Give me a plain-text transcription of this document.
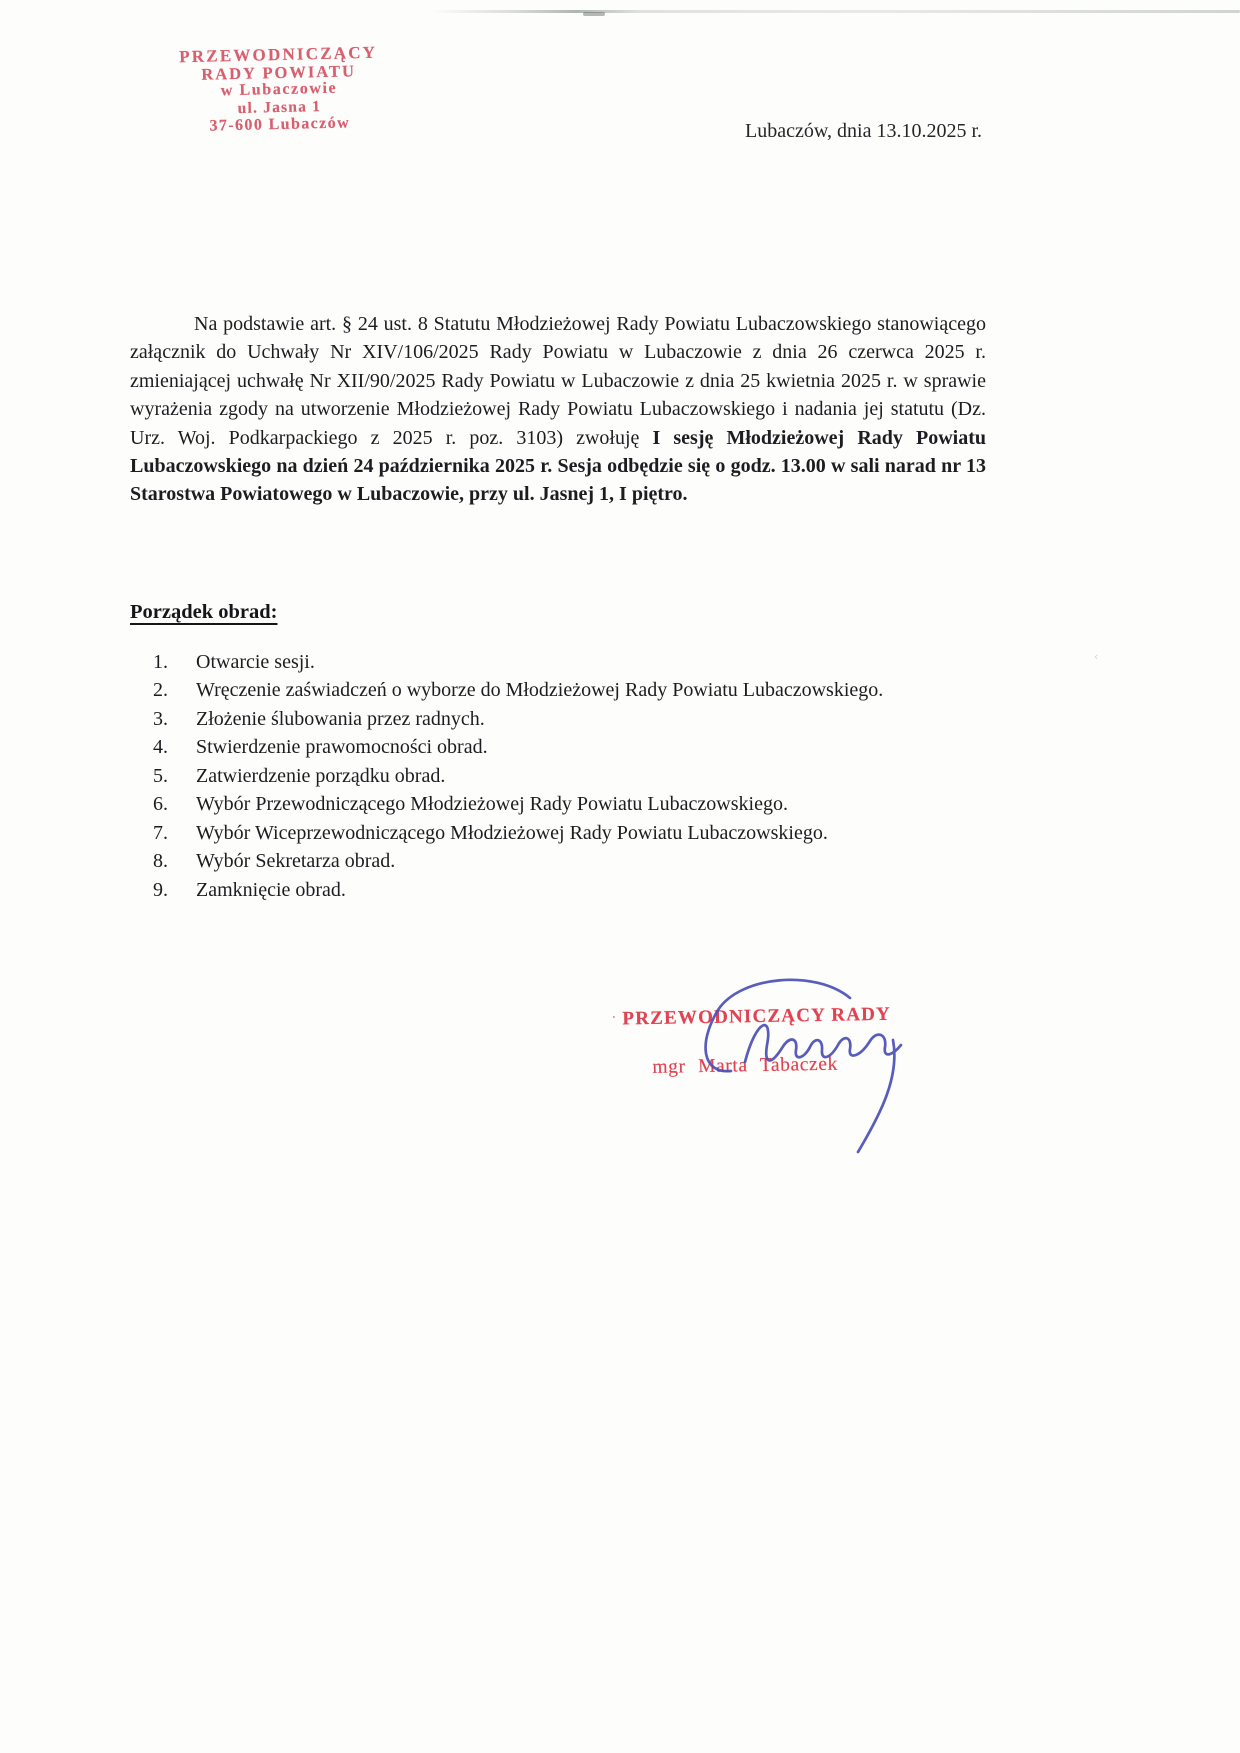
‹
PRZEWODNICZĄCY
RADY POWIATU
w Lubaczowie
ul. Jasna 1
37-600 Lubaczów	Lubaczów, dnia 13.10.2025 r.

Na podstawie art. § 24 ust. 8 Statutu Młodzieżowej Rady Powiatu Lubaczowskiego stanowiącego załącznik do Uchwały Nr XIV/106/2025 Rady Powiatu w Lubaczowie z dnia 26 czerwca 2025 r. zmieniającej uchwałę Nr XII/90/2025 Rady Powiatu w Lubaczowie z dnia 25 kwietnia 2025 r. w sprawie wyrażenia zgody na utworzenie Młodzieżowej Rady Powiatu Lubaczowskiego i nadania jej statutu (Dz. Urz. Woj. Podkarpackiego z 2025 r. poz. 3103) zwołuję I sesję Młodzieżowej Rady Powiatu Lubaczowskiego na dzień 24 października 2025 r. Sesja odbędzie się o godz. 13.00 w sali narad nr 13 Starostwa Powiatowego w Lubaczowie, przy ul. Jasnej 1, I piętro.

Porządek obrad:
1.	Otwarcie sesji.
2.	Wręczenie zaświadczeń o wyborze do Młodzieżowej Rady Powiatu Lubaczowskiego.
3.	Złożenie ślubowania przez radnych.
4.	Stwierdzenie prawomocności obrad.
5.	Zatwierdzenie porządku obrad.
6.	Wybór Przewodniczącego Młodzieżowej Rady Powiatu Lubaczowskiego.
7.	Wybór Wiceprzewodniczącego Młodzieżowej Rady Powiatu Lubaczowskiego.
8.	Wybór Sekretarza obrad.
9.	Zamknięcie obrad.
· PRZEWODNICZĄCY RADY
mgr Marta Tabaczek
